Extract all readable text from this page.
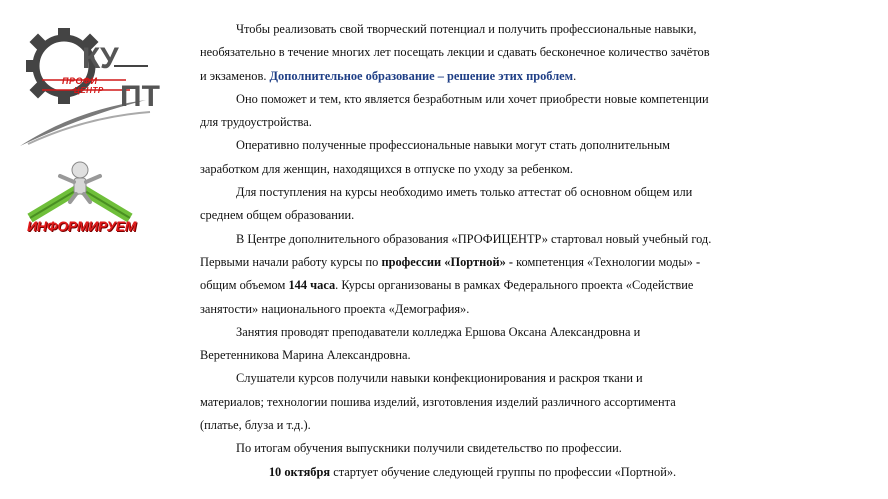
КУ
ПТ
ПРОФИ
ЦЕНТР
ИНФОРМИРУЕМ

Чтобы реализовать свой творческий потенциал и получить профессиональные навыки,

необязательно в течение многих лет посещать лекции и сдавать бесконечное количество зачётов

и экзаменов. Дополнительное образование – решение этих проблем.

Оно поможет и тем, кто является безработным или хочет приобрести новые компетенции

для трудоустройства.

Оперативно полученные профессиональные навыки могут стать дополнительным

заработком для женщин, находящихся в отпуске по уходу за ребенком.

Для поступления на курсы необходимо иметь только аттестат об основном общем или

среднем общем образовании.

В Центре дополнительного образования «ПРОФИЦЕНТР» стартовал новый учебный год.

Первыми начали работу курсы по профессии «Портной» - компетенция «Технологии моды» -

общим объемом 144 часа. Курсы организованы в рамках Федерального проекта «Содействие

занятости» национального проекта «Демография».

Занятия проводят преподаватели колледжа Ершова Оксана Александровна и

Веретенникова Марина Александровна.

Слушатели курсов получили навыки конфекционирования и раскроя ткани и

материалов; технологии пошива изделий, изготовления изделий различного ассортимента

(платье, блуза и т.д.).

По итогам обучения выпускники получили свидетельство по профессии.

10 октября стартует обучение следующей группы по профессии «Портной».
